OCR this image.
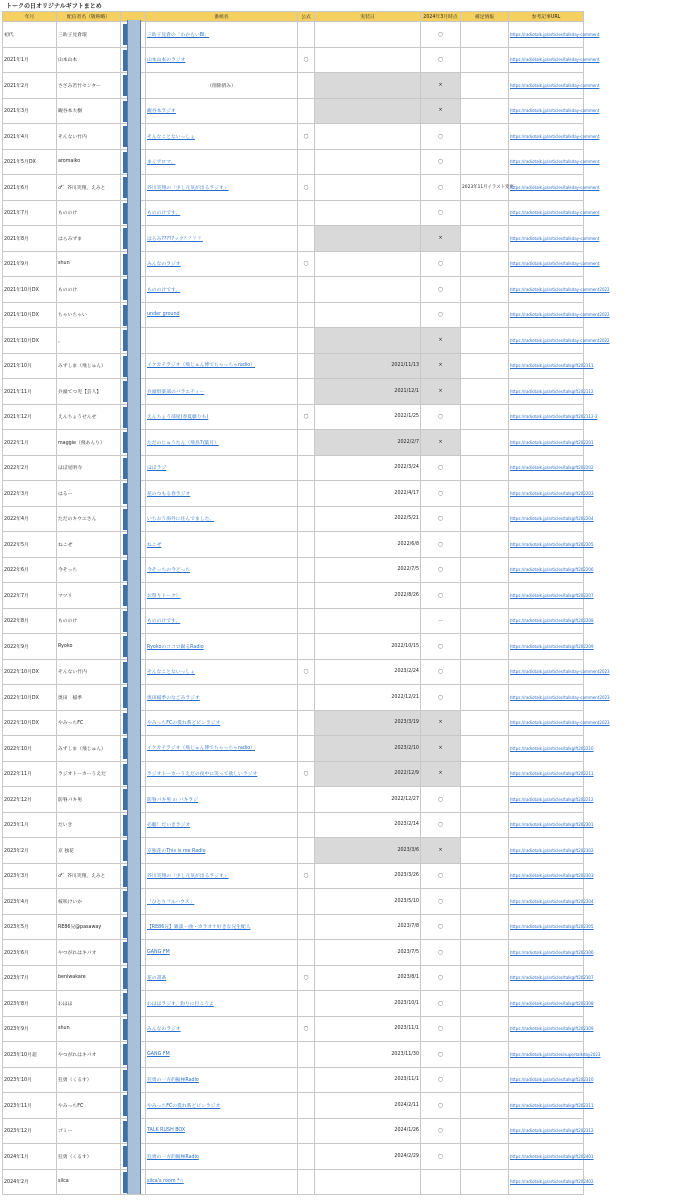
トークの日オリジナルギフトまとめ
年月	配信者名（敬称略）		番組名	公式		実装日	2024年3月時点	補足情報	参考記事URL
初代	三助子見倉環		三助子見倉の「わからいBl」				〇		https://radiotalk.jp/articles/talkday-comment
2021年1月	山本山本		山本山本のラジオ	〇			〇		https://radiotalk.jp/articles/talkday-comment
2021年2月	さざみ若竹センター		（削除済み）				×		https://radiotalk.jp/articles/talkday-comment
2021年3月	観谷本大樹		観谷本ラジオ				×		https://radiotalk.jp/articles/talkday-comment
2021年4月	そんない竹内		そんなことないっしょ	〇			〇		https://radiotalk.jp/articles/talkday-comment
2021年5月DX	aromaiko		まくアロマ。				〇		https://radiotalk.jp/articles/talkday-comment
2021年6月	♂゛芥川笑翔、えみと		芥川笑翔の「少し元気が出るラジオ」	〇			〇	2023年11月イラスト変更	https://radiotalk.jp/articles/talkday-comment
2021年7月	もののけ		もののけです。				〇		https://radiotalk.jp/articles/talkday-comment
2021年8月	はらみずま		はらみ?????ック？？？？				×		https://radiotalk.jp/articles/talkday-comment
2021年9月	shun		みんなのラジオ	〇			〇		https://radiotalk.jp/articles/talkday-comment
2021年10月DX	もののけ		もののけです。				〇		https://radiotalk.jp/articles/talkday-comment2022
2021年10月DX	ちゃいちゃい		under ground				〇		https://radiotalk.jp/articles/talkday-comment2022
2021年10月DX	。						×		https://radiotalk.jp/articles/talkday-comment2022
2021年10月	みずしま（飛じゅん）		イケカテラジオ（飛じゅん博でちゃっちゃradio）			2021/11/13	×		https://radiotalk.jp/articles/talkgift202111
2021年11月	兵頭てつ児【芸人】		兵頭倶楽部のバラエティー			2021/12/1	×		https://radiotalk.jp/articles/talkgift202112
2021年12月	えんちょうせんせ		えんちょう部屋(春夏藤りも)	〇		2022/1/25	〇		https://radiotalk.jp/articles/talkgift202112-2
2022年1月	maggie（飛あんり）		ただのじゅうたん（飛鳥7/葉月）			2022/2/7	×		https://radiotalk.jp/articles/talkgift202201
2022年2月	ほぼ星明寺		ほぼラジ			2022/3/24	〇		https://radiotalk.jp/articles/talkgift202202
2022年3月	はるー		花のつもる春ラジオ			2022/4/17	〇		https://radiotalk.jp/articles/talkgift202203
2022年4月	ただのキウエさん		いちおう海外に住んでました。			2022/5/21	〇		https://radiotalk.jp/articles/talkgift202204
2022年5月	ねこぜ		ねこぜ			2022/6/8	〇		https://radiotalk.jp/articles/talkgift202205
2022年6月	今そっち		今そっちの今どっち			2022/7/5	〇		https://radiotalk.jp/articles/talkgift202206
2022年7月	マツリ		お祭りトーク！			2022/8/26	〇		https://radiotalk.jp/articles/talkgift202207
2022年8月	もののけ		もののけです。				ー		https://radiotalk.jp/articles/talkgift202208
2022年9月	Ryoko		Ryokoのココロ踊るRadio			2022/10/15	〇		https://radiotalk.jp/articles/talkgift202209
2022年10月DX	そんない竹内		そんなことないっしょ	〇		2023/2/24	〇		https://radiotalk.jp/articles/talkday-comment2023
2022年10月DX	奥田　稲季		奥田稲季のなごみラジオ			2022/12/21	〇		https://radiotalk.jp/articles/talkday-comment2023
2022年10月DX	やみっちFC		やみっちFCの慌れ系どピンラジオ			2023/3/19	×		https://radiotalk.jp/articles/talkday-comment2023
2022年10月	みずしま（飛じゅん）		イケカテラジオ（飛じゅん博でちゃっちゃradio）			2023/2/10	×		https://radiotalk.jp/articles/talkgift202210
2022年11月	ラジオトーカーうえだ		ラジオトーカーうえだの夜中に笑って欲しいラジオ	〇		2022/12/9	×		https://radiotalk.jp/articles/talkgift202211
2022年12月	防脊パキ男		防脊パキ男 の パキラジ			2022/12/27	〇		https://radiotalk.jp/articles/talkgift202212
2023年1月	だいき		必聴！だいきラジオ			2023/2/14	〇		https://radiotalk.jp/articles/talkgift202301
2023年2月	京 独花		京独花のThis is me Radio			2023/3/6	×		https://radiotalk.jp/articles/talkgift202302
2023年3月	♂゛芥川笑翔、えみと		芥川笑翔の「少し元気が出るラジオ」	〇		2023/3/26	〇		https://radiotalk.jp/articles/talkgift202303
2023年4月	桜咲けいか		「ひとりフルハウス」			2023/5/10	〇		https://radiotalk.jp/articles/talkgift202304
2023年5月	RE86兄@pasaway		【RE86兄】雑談・曲・カラオケ好きな兄生配人			2023/7/8	〇		https://radiotalk.jp/articles/talkgift202305
2023年6月	やつがれはキパオ		GANG FM			2023/7/5	〇		https://radiotalk.jp/articles/talkgift202306
2023年7月	benlwakare		花の書斎	〇		2023/8/1	〇		https://radiotalk.jp/articles/talkgift202307
2023年8月	わほほ		わほほラジオ。釣りに行こうよ			2023/10/1	〇		https://radiotalk.jp/articles/talkgift202308
2023年9月	shun		みんなのラジオ	〇		2023/11/1	〇		https://radiotalk.jp/articles/talkgift202309
2023年10月超	やつがれはキパオ		GANG FM			2023/11/30	〇		https://radiotalk.jp/articles/supertalkday2023
2023年10月	狂勇（くるす）		狂勇の一方的擬極Radio			2023/11/1	〇		https://radiotalk.jp/articles/talkgift202310
2023年11月	やみっちFC		やみっちFCの慌れ系どピンラジオ			2024/2/11	〇		https://radiotalk.jp/articles/talkgift202311
2023年12月	ゴミー		TALK RUSH BOX			2024/1/26	〇		https://radiotalk.jp/articles/talkgift202312
2024年1月	狂勇（くるす）		狂勇の一方的擬極Radio			2024/2/29	〇		https://radiotalk.jp/articles/talkgift202401
2024年2月	silca		silca's room *☆						https://radiotalk.jp/articles/talkgift202402
